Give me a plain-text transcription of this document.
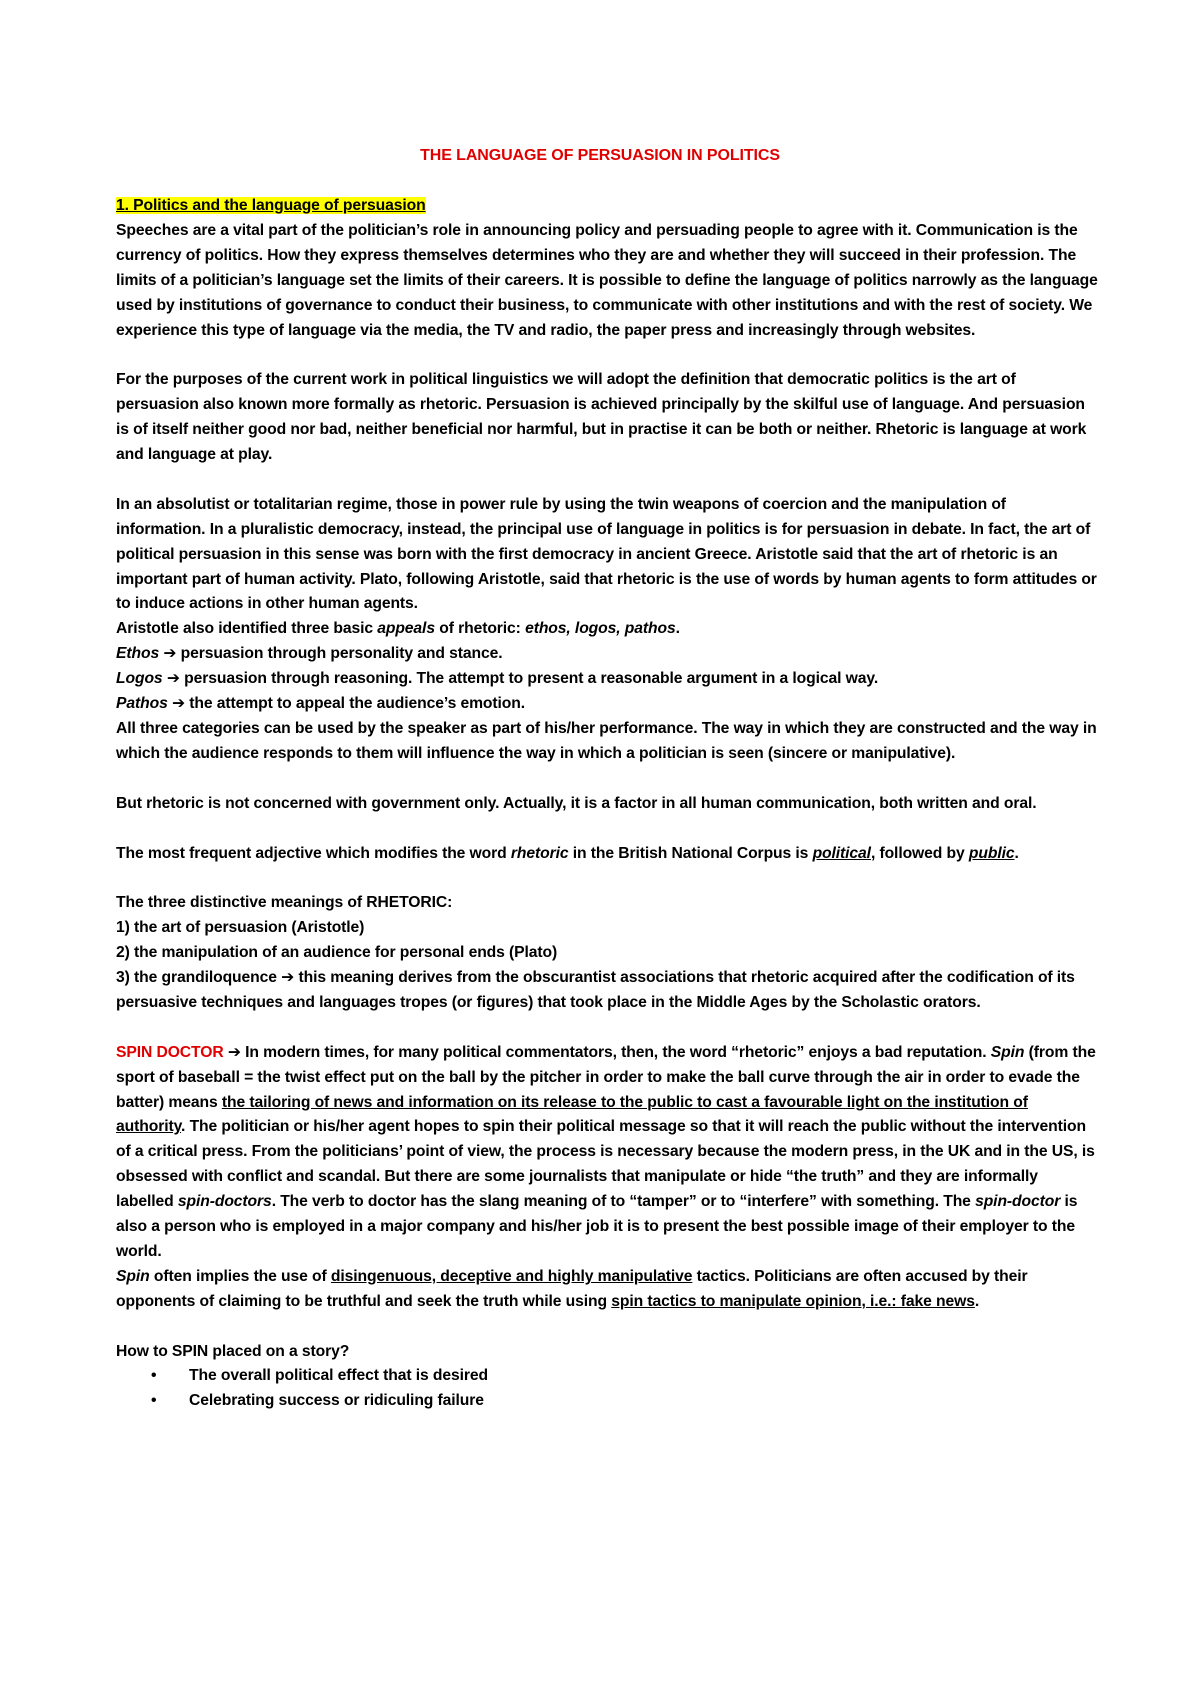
THE LANGUAGE OF PERSUASION IN POLITICS

1. Politics and the language of persuasion

Speeches are a vital part of the politician’s role in announcing policy and persuading people to agree with it. Communication is the currency of politics. How they express themselves determines who they are and whether they will succeed in their profession. The limits of a politician’s language set the limits of their careers. It is possible to define the language of politics narrowly as the language used by institutions of governance to conduct their business, to communicate with other institutions and with the rest of society. We experience this type of language via the media, the TV and radio, the paper press and increasingly through websites.

For the purposes of the current work in political linguistics we will adopt the definition that democratic politics is the art of persuasion also known more formally as rhetoric. Persuasion is achieved principally by the skilful use of language. And persuasion is of itself neither good nor bad, neither beneficial nor harmful, but in practise it can be both or neither. Rhetoric is language at work and language at play.

In an absolutist or totalitarian regime, those in power rule by using the twin weapons of coercion and the manipulation of information. In a pluralistic democracy, instead, the principal use of language in politics is for persuasion in debate. In fact, the art of political persuasion in this sense was born with the first democracy in ancient Greece. Aristotle said that the art of rhetoric is an important part of human activity. Plato, following Aristotle, said that rhetoric is the use of words by human agents to form attitudes or to induce actions in other human agents.

Aristotle also identified three basic appeals of rhetoric: ethos, logos, pathos.

Ethos ➔ persuasion through personality and stance.

Logos ➔ persuasion through reasoning. The attempt to present a reasonable argument in a logical way.

Pathos ➔ the attempt to appeal the audience’s emotion.

All three categories can be used by the speaker as part of his/her performance. The way in which they are constructed and the way in which the audience responds to them will influence the way in which a politician is seen (sincere or manipulative).

But rhetoric is not concerned with government only. Actually, it is a factor in all human communication, both written and oral.

The most frequent adjective which modifies the word rhetoric in the British National Corpus is political, followed by public.

The three distinctive meanings of RHETORIC:

1) the art of persuasion (Aristotle)

2) the manipulation of an audience for personal ends (Plato)

3) the grandiloquence ➔ this meaning derives from the obscurantist associations that rhetoric acquired after the codification of its persuasive techniques and languages tropes (or figures) that took place in the Middle Ages by the Scholastic orators.

SPIN DOCTOR ➔ In modern times, for many political commentators, then, the word “rhetoric” enjoys a bad reputation. Spin (from the sport of baseball = the twist effect put on the ball by the pitcher in order to make the ball curve through the air in order to evade the batter) means the tailoring of news and information on its release to the public to cast a favourable light on the institution of authority. The politician or his/her agent hopes to spin their political message so that it will reach the public without the intervention of a critical press. From the politicians’ point of view, the process is necessary because the modern press, in the UK and in the US, is obsessed with conflict and scandal. But there are some journalists that manipulate or hide “the truth” and they are informally labelled spin-doctors. The verb to doctor has the slang meaning of to “tamper” or to “interfere” with something. The spin-doctor is also a person who is employed in a major company and his/her job it is to present the best possible image of their employer to the world.

Spin often implies the use of disingenuous, deceptive and highly manipulative tactics. Politicians are often accused by their opponents of claiming to be truthful and seek the truth while using spin tactics to manipulate opinion, i.e.: fake news.

How to SPIN placed on a story?

• The overall political effect that is desired
• Celebrating success or ridiculing failure
